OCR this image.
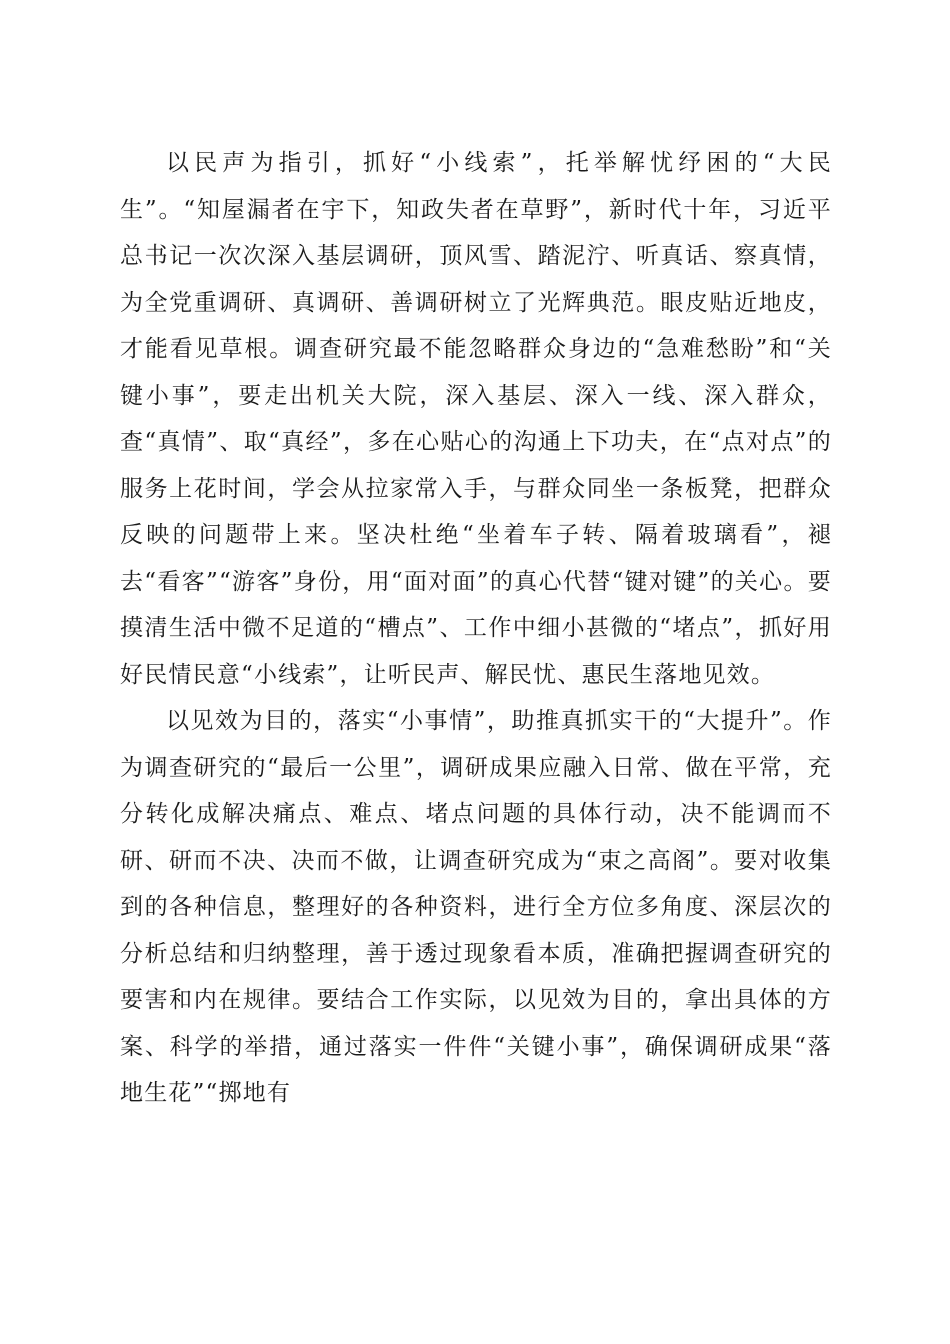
以民声为指引，抓好“小线索”，托举解忧纾困的“大民生”。“知屋漏者在宇下，知政失者在草野”，新时代十年，习近平总书记一次次深入基层调研，顶风雪、踏泥泞、听真话、察真情，为全党重调研、真调研、善调研树立了光辉典范。眼皮贴近地皮，才能看见草根。调查研究最不能忽略群众身边的“急难愁盼”和“关键小事”，要走出机关大院，深入基层、深入一线、深入群众，查“真情”、取“真经”，多在心贴心的沟通上下功夫，在“点对点”的服务上花时间，学会从拉家常入手，与群众同坐一条板凳，把群众反映的问题带上来。坚决杜绝“坐着车子转、隔着玻璃看”，褪去“看客”“游客”身份，用“面对面”的真心代替“键对键”的关心。要摸清生活中微不足道的“槽点”、工作中细小甚微的“堵点”，抓好用好民情民意“小线索”，让听民声、解民忧、惠民生落地见效。

以见效为目的，落实“小事情”，助推真抓实干的“大提升”。作为调查研究的“最后一公里”，调研成果应融入日常、做在平常，充分转化成解决痛点、难点、堵点问题的具体行动，决不能调而不研、研而不决、决而不做，让调查研究成为“束之高阁”。要对收集到的各种信息，整理好的各种资料，进行全方位多角度、深层次的分析总结和归纳整理，善于透过现象看本质，准确把握调查研究的要害和内在规律。要结合工作实际，以见效为目的，拿出具体的方案、科学的举措，通过落实一件件“关键小事”，确保调研成果“落地生花”“掷地有
